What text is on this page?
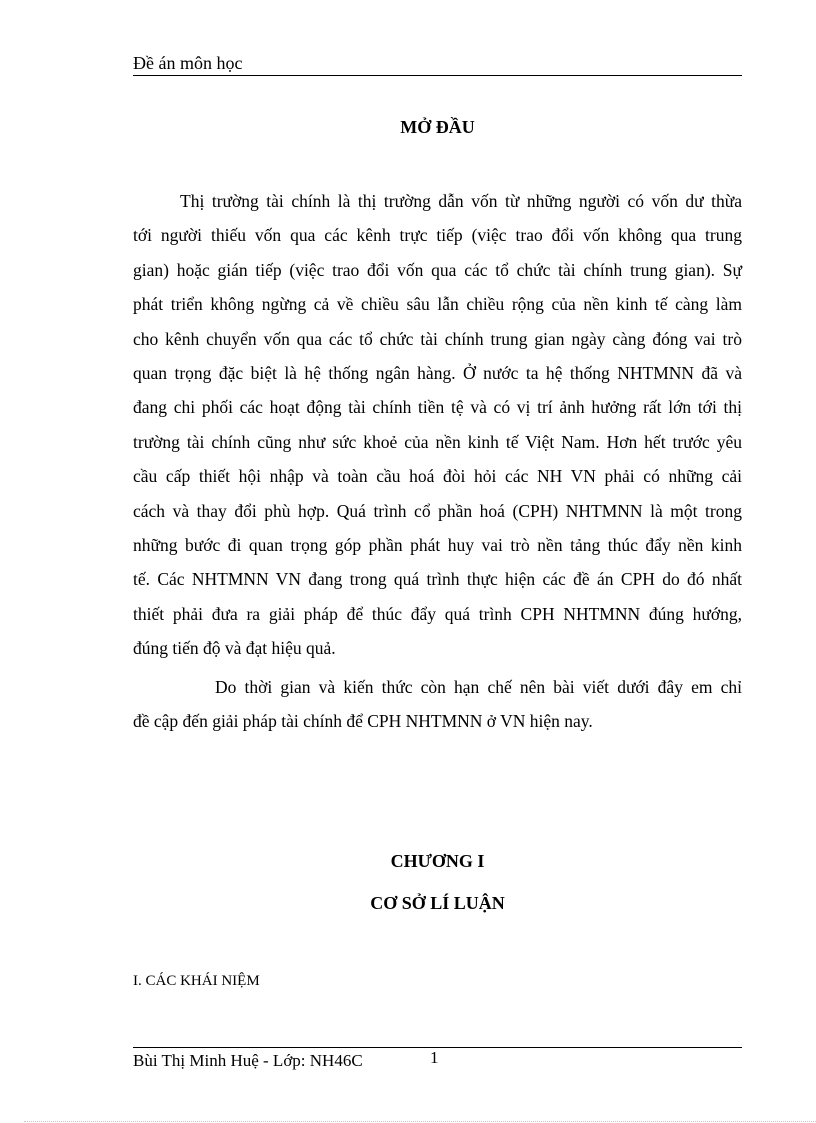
Đề án môn học
MỞ ĐẦU
Thị trường tài chính là thị trường dẫn vốn từ những người có vốn dư thừa
tới người thiếu vốn qua các kênh trực tiếp (việc trao đổi vốn không qua trung
gian) hoặc gián tiếp (việc trao đổi vốn qua các tổ chức tài chính trung gian). Sự
phát triển không ngừng cả về chiều sâu lẫn chiều rộng của nền kinh tế càng làm
cho kênh chuyển vốn qua các tổ chức tài chính trung gian ngày càng đóng vai trò
quan trọng đặc biệt là hệ thống ngân hàng. Ở nước ta hệ thống NHTMNN đã và
đang chi phối các hoạt động tài chính tiền tệ và có vị trí ảnh hưởng rất lớn tới thị
trường tài chính cũng như sức khoẻ của nền kinh tế Việt Nam. Hơn hết trước yêu
cầu cấp thiết hội nhập và toàn cầu hoá đòi hỏi các NH VN phải có những cải
cách và thay đổi phù hợp. Quá trình cổ phần hoá (CPH) NHTMNN là một trong
những bước đi quan trọng góp phần phát huy vai trò nền tảng thúc đẩy nền kinh
tế. Các NHTMNN VN đang trong quá trình thực hiện các đề án CPH do đó nhất
thiết phải đưa ra giải pháp để thúc đẩy quá trình CPH NHTMNN đúng hướng,
đúng tiến độ và đạt hiệu quả.
Do thời gian và kiến thức còn hạn chế nên bài viết dưới đây em chỉ
đề cập đến giải pháp tài chính để CPH NHTMNN ở VN hiện nay.
CHƯƠNG I
CƠ SỞ LÍ LUẬN
I. CÁC KHÁI NIỆM
Bùi Thị Minh Huệ - Lớp: NH46C	1
